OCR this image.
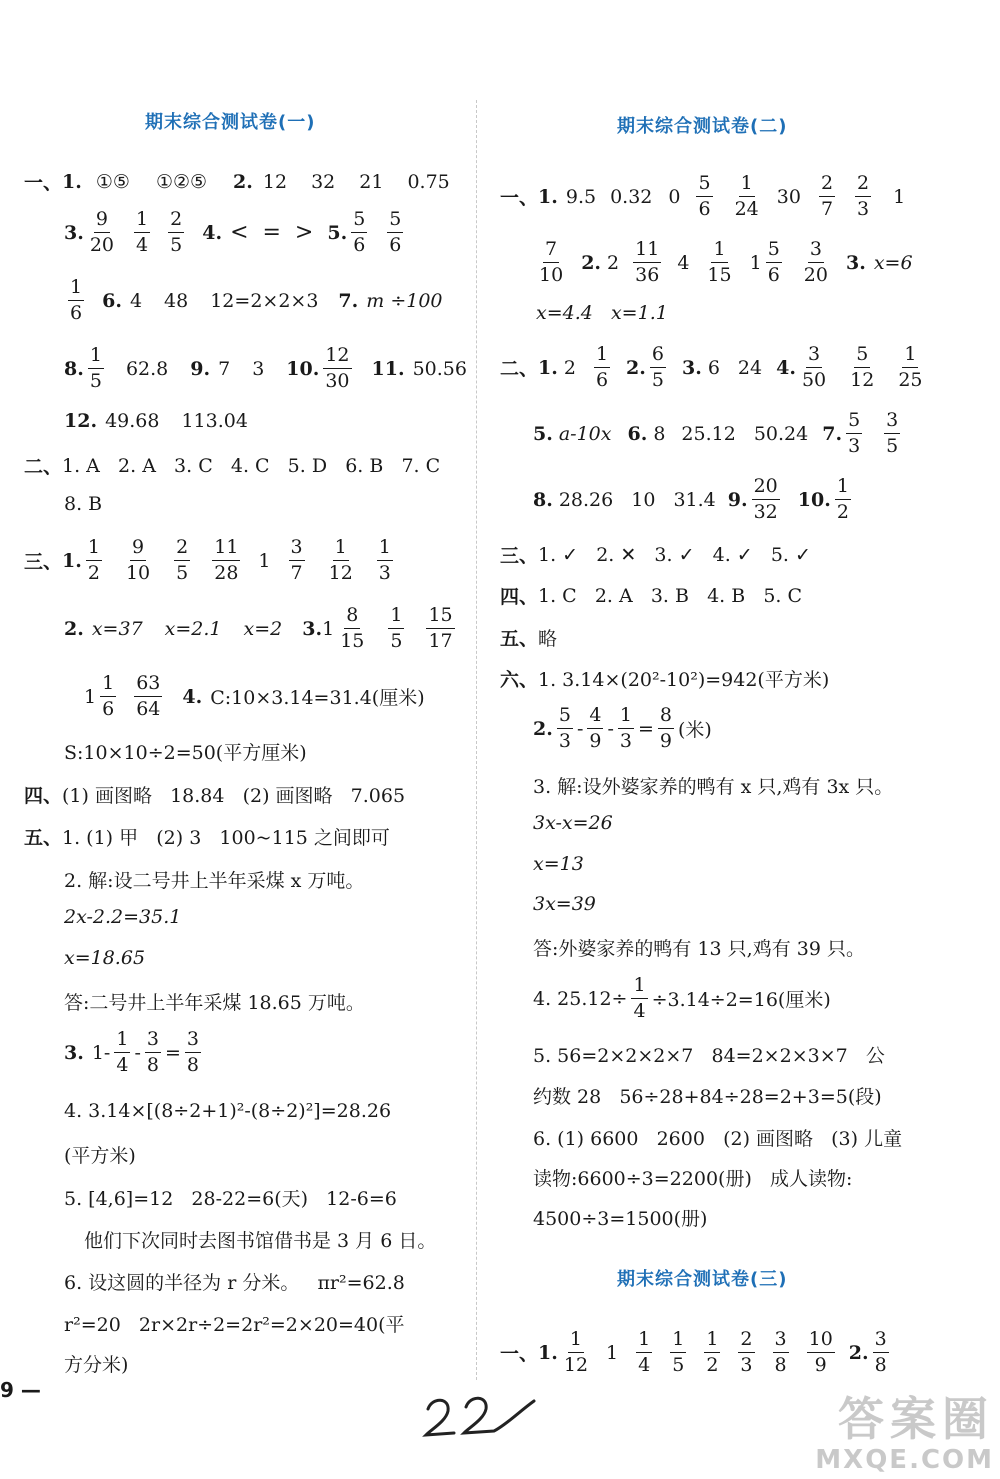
期末综合测试卷(一)
一、 1. ①⑤ ①②⑤ 2. 12 32 21 0.75
3. $\frac{9}{20} \frac{1}{4} \frac{2}{5} 4$. <  =  > 5. $\frac{5}{6} \frac{5}{6}$
$\frac{1}{6} 6$. 4 48 12=2×2×3 7. m ÷100
8. $\frac{1}{5} 62.8$ 9. 7 3 10. $\frac{12}{30} 11$. 50.56
12. 49.68 113.04
二、 1. A   2. A   3. C   4. C   5. D   6. B   7. C
8. B
三、 1. $\frac{1}{2} \frac{9}{10} \frac{2}{5} \frac{11}{28} 1 \frac{3}{7} \frac{1}{12} \frac{1}{3}$
2. x=37 x=2.1 x=2 3. $1 \frac{8}{15} \frac{1}{5} \frac{15}{17}$
$1 \frac{1}{6} \frac{63}{64} 4$. C:10×3.14=31.4(厘米)
S:10×10÷2=50(平方厘米)
四、 (1) 画图略   18.84   (2) 画图略   7.065
五、 1. (1) 甲   (2) 3   100~115 之间即可
2. 解:设二号井上半年采煤 x 万吨。
2x-2.2=35.1
x=18.65
答:二号井上半年采煤 18.65 万吨。
3. $1- \frac{1}{4} - \frac{3}{8} = \frac{3}{8}$
4. 3.14×[(8÷2+1)²-(8÷2)²]=28.26
(平方米)
5. [4,6]=12   28-22=6(天)   12-6=6
他们下次同时去图书馆借书是 3 月 6 日。
6. 设这圆的半径为 r 分米。   πr²=62.8
r²=20   2r×2r÷2=2r²=2×20=40(平
方分米)
期末综合测试卷(二)
一、 1. 9.5 0.32 $0 \frac{5}{6} \frac{1}{24} 30 \frac{2}{7} \frac{2}{3} 1$
$\frac{7}{10} 2$. $2 \frac{11}{36} 4 \frac{1}{15} 1 \frac{5}{6} \frac{3}{20} 3$. x=6
x=4.4   x=1.1
二、 1. $2 \frac{1}{6} 2$. $\frac{6}{5} 3$. 6 24 4. $\frac{3}{50} \frac{5}{12} \frac{1}{25}$
5. a-10x 6. 8 25.12 50.24 7. $\frac{5}{3} \frac{3}{5}$
8. 28.26 10 31.4 9. $\frac{20}{32} 10$. $\frac{1}{2}$
三、 1. ✓   2. ✕   3. ✓   4. ✓   5. ✓
四、 1. C   2. A   3. B   4. B   5. C
五、 略
六、 1. 3.14×(20²-10²)=942(平方米)
2. $\frac{5}{3} - \frac{4}{9} - \frac{1}{3} = \frac{8}{9}$ (米)
3. 解:设外婆家养的鸭有 x 只,鸡有 3x 只。
3x-x=26
x=13
3x=39
答:外婆家养的鸭有 13 只,鸡有 39 只。
4. $25.12\div \frac{1}{4} \div 3.14\div 2=16$(厘米)
5. 56=2×2×2×7   84=2×2×3×7   公
约数 28   56÷28+84÷28=2+3=5(段)
6. (1) 6600   2600   (2) 画图略   (3) 儿童
读物:6600÷3=2200(册)   成人读物:
4500÷3=1500(册)
期末综合测试卷(三)
一、 1. $\frac{1}{12} 1 \frac{1}{4} \frac{1}{5} \frac{1}{2} \frac{2}{3} \frac{3}{8} \frac{10}{9} 2$. $\frac{3}{8}$
9 —
答案圈
MXQE.COM
